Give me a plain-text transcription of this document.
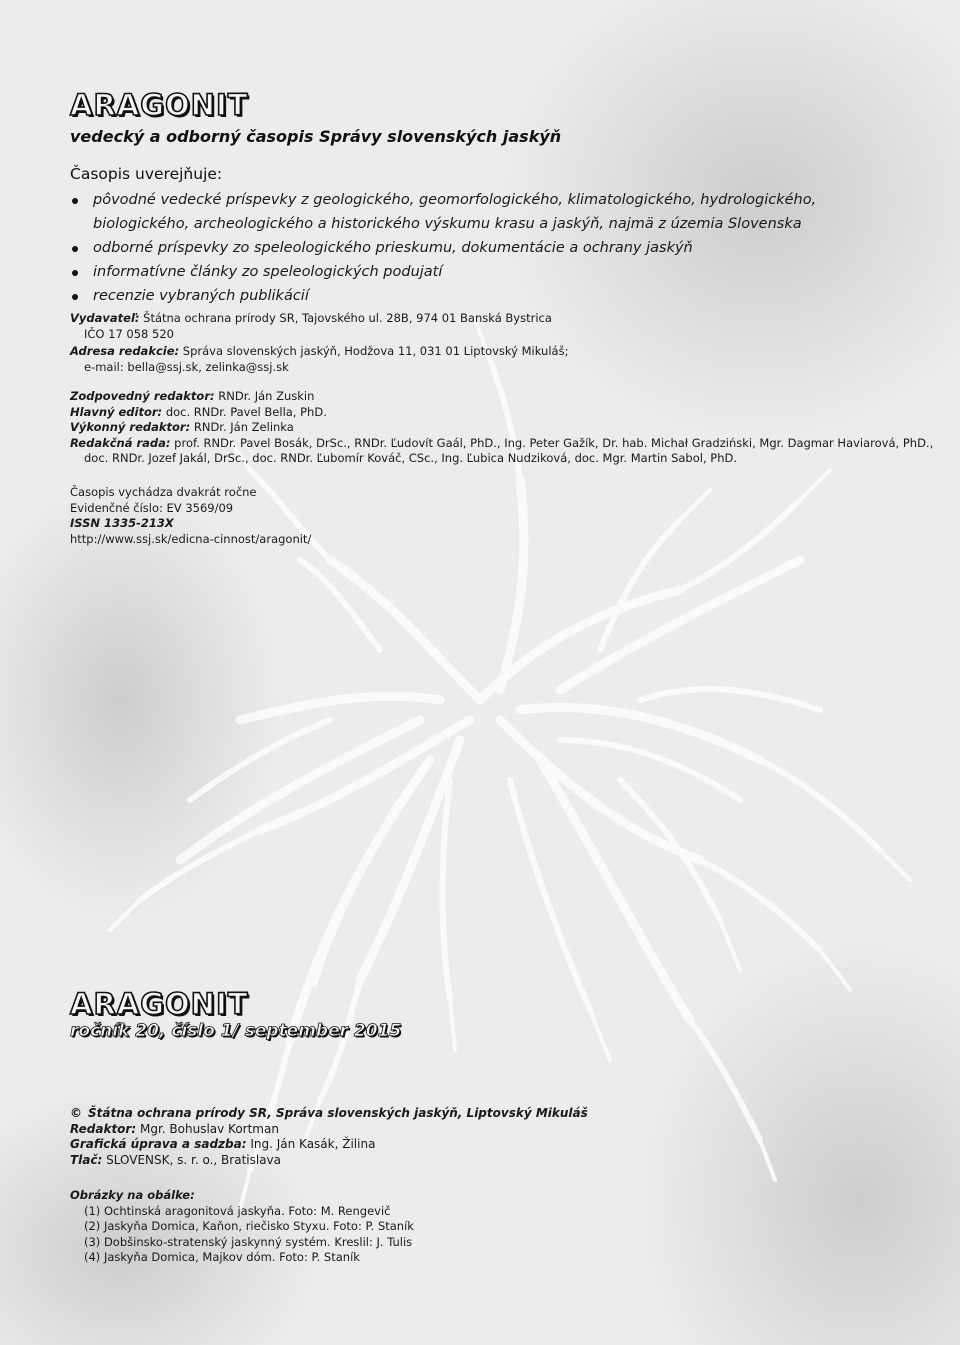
ARAGONIT
vedecký a odborný časopis Správy slovenských jaskýň
Časopis uverejňuje:
pôvodné vedecké príspevky z geologického, geomorfologického, klimatologického, hydrologického, biologického, archeologického a historického výskumu krasu a jaskýň, najmä z územia Slovenska
odborné príspevky zo speleologického prieskumu, dokumentácie a ochrany jaskýň
informatívne články zo speleologických podujatí
recenzie vybraných publikácií
Vydavateľ: Štátna ochrana prírody SR, Tajovského ul. 28B, 974 01 Banská Bystrica
IČO 17 058 520
Adresa redakcie: Správa slovenských jaskýň, Hodžova 11, 031 01 Liptovský Mikuláš;
e-mail: bella@ssj.sk, zelinka@ssj.sk
Zodpovedný redaktor: RNDr. Ján Zuskin
Hlavný editor: doc. RNDr. Pavel Bella, PhD.
Výkonný redaktor: RNDr. Ján Zelinka
Redakčná rada: prof. RNDr. Pavel Bosák, DrSc., RNDr. Ľudovít Gaál, PhD., Ing. Peter Gažík, Dr. hab. Michał Gradziński, Mgr. Dagmar Haviarová, PhD.,
doc. RNDr. Jozef Jakál, DrSc., doc. RNDr. Ľubomír Kováč, CSc., Ing. Ľubica Nudziková, doc. Mgr. Martin Sabol, PhD.
Časopis vychádza dvakrát ročne
Evidenčné číslo: EV 3569/09
ISSN 1335-213X
http://www.ssj.sk/edicna-cinnost/aragonit/
ARAGONIT
ročník 20, číslo 1/ september 2015
© Štátna ochrana prírody SR, Správa slovenských jaskýň, Liptovský Mikuláš
Redaktor: Mgr. Bohuslav Kortman
Grafická úprava a sadzba: Ing. Ján Kasák, Žilina
Tlač: SLOVENSK, s. r. o., Bratislava
Obrázky na obálke:
(1) Ochtinská aragonitová jaskyňa. Foto: M. Rengevič
(2) Jaskyňa Domica, Kaňon, riečisko Styxu. Foto: P. Staník
(3) Dobšinsko-stratenský jaskynný systém. Kreslil: J. Tulis
(4) Jaskyňa Domica, Majkov dóm. Foto: P. Staník
